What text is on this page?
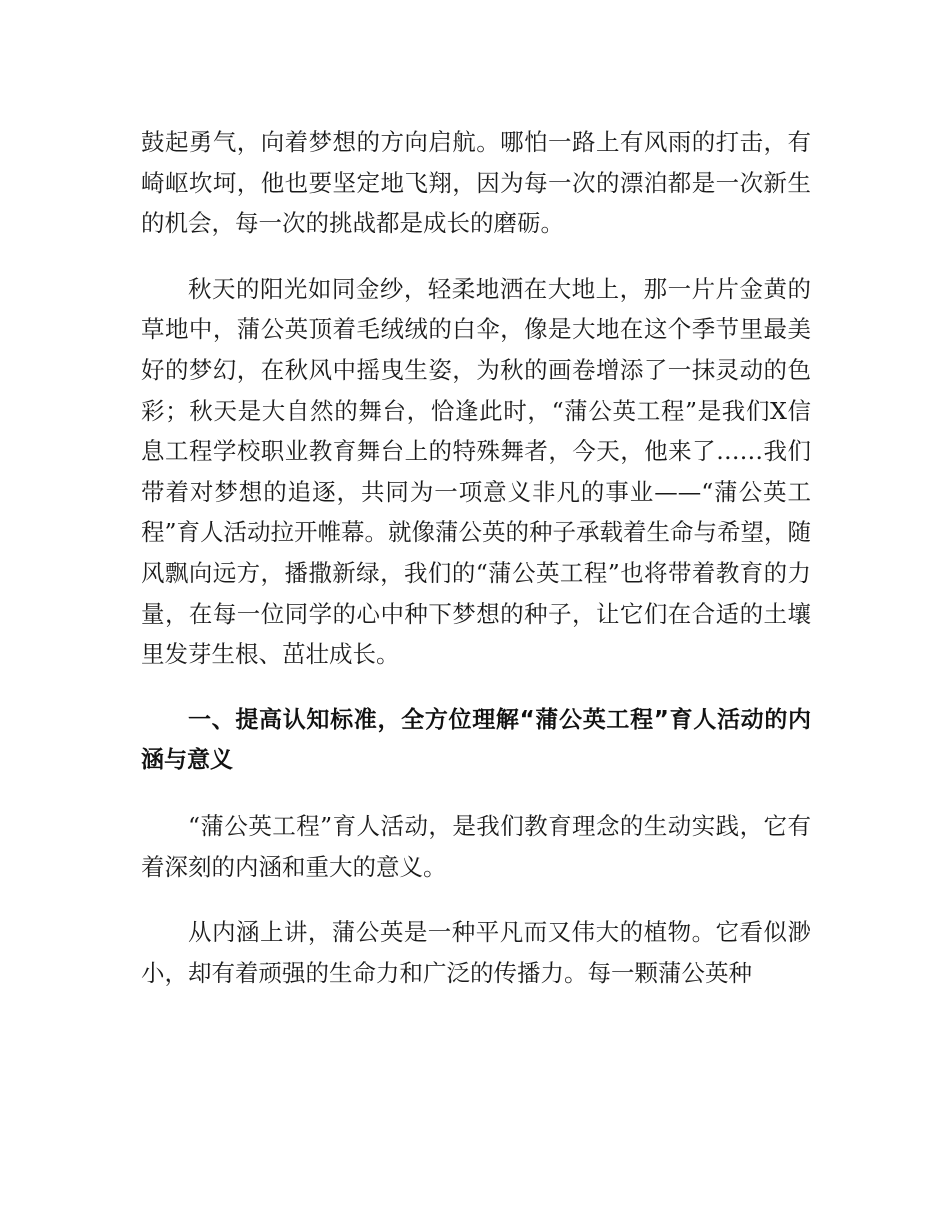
鼓起勇气，向着梦想的方向启航。哪怕一路上有风雨的打击，有崎岖坎坷，他也要坚定地飞翔，因为每一次的漂泊都是一次新生的机会，每一次的挑战都是成长的磨砺。

秋天的阳光如同金纱，轻柔地洒在大地上，那一片片金黄的草地中，蒲公英顶着毛绒绒的白伞，像是大地在这个季节里最美好的梦幻，在秋风中摇曳生姿，为秋的画卷增添了一抹灵动的色彩；秋天是大自然的舞台，恰逢此时，“蒲公英工程”是我们X信息工程学校职业教育舞台上的特殊舞者，今天，他来了……我们带着对梦想的追逐，共同为一项意义非凡的事业——“蒲公英工程”育人活动拉开帷幕。就像蒲公英的种子承载着生命与希望，随风飘向远方，播撒新绿，我们的“蒲公英工程”也将带着教育的力量，在每一位同学的心中种下梦想的种子，让它们在合适的土壤里发芽生根、茁壮成长。

一、提高认知标准，全方位理解“蒲公英工程”育人活动的内涵与意义

“蒲公英工程”育人活动，是我们教育理念的生动实践，它有着深刻的内涵和重大的意义。

从内涵上讲，蒲公英是一种平凡而又伟大的植物。它看似渺小，却有着顽强的生命力和广泛的传播力。每一颗蒲公英种
